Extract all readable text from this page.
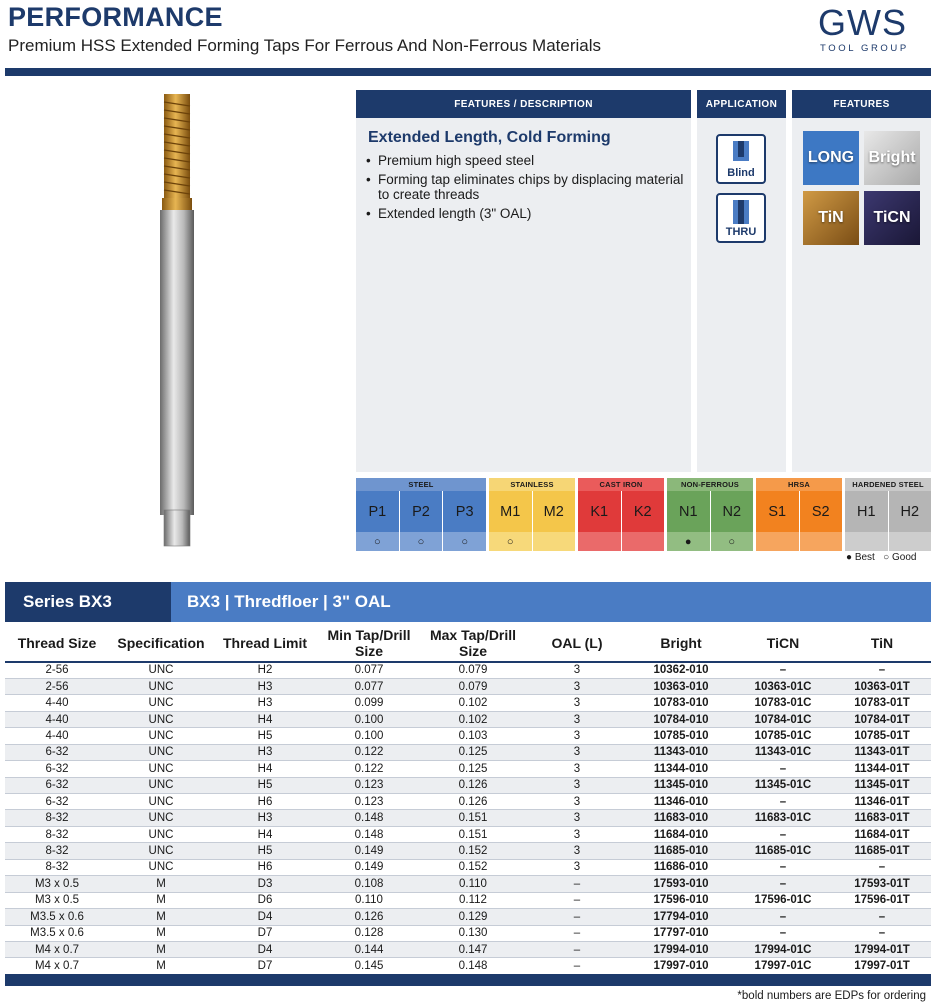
PERFORMANCE
Premium HSS Extended Forming Taps For Ferrous And Non-Ferrous Materials
GWS
TOOL GROUP
FEATURES / DESCRIPTION
Extended Length, Cold Forming
• Premium high speed steel
• Forming tap eliminates chips by displacing material to create threads
• Extended length (3" OAL)
APPLICATION
Blind
THRU
FEATURES
LONG Bright
TiN	TiCN
STEEL
P1
○
P2
○
P3
○
STAINLESS
M1
○
M2
CAST IRON
K1	K2
NON-FERROUS
N1
●
N2
○
HRSA
S1	S2
HARDENED STEEL
H1	H2
● Best ○ Good
Series BX3	BX3 | Thredfloer | 3" OAL
Thread Size	Specification	Thread Limit	Min Tap/Drill Size	Max Tap/Drill Size	OAL (L)	Bright	TiCN	TiN
2-56	UNC	H2	0.077	0.079	3	10362-010	–	–
2-56	UNC	H3	0.077	0.079	3	10363-010	10363-01C	10363-01T
4-40	UNC	H3	0.099	0.102	3	10783-010	10783-01C	10783-01T
4-40	UNC	H4	0.100	0.102	3	10784-010	10784-01C	10784-01T
4-40	UNC	H5	0.100	0.103	3	10785-010	10785-01C	10785-01T
6-32	UNC	H3	0.122	0.125	3	11343-010	11343-01C	11343-01T
6-32	UNC	H4	0.122	0.125	3	11344-010	–	11344-01T
6-32	UNC	H5	0.123	0.126	3	11345-010	11345-01C	11345-01T
6-32	UNC	H6	0.123	0.126	3	11346-010	–	11346-01T
8-32	UNC	H3	0.148	0.151	3	11683-010	11683-01C	11683-01T
8-32	UNC	H4	0.148	0.151	3	11684-010	–	11684-01T
8-32	UNC	H5	0.149	0.152	3	11685-010	11685-01C	11685-01T
8-32	UNC	H6	0.149	0.152	3	11686-010	–	–
M3 x 0.5	M	D3	0.108	0.110	–	17593-010	–	17593-01T
M3 x 0.5	M	D6	0.110	0.112	–	17596-010	17596-01C	17596-01T
M3.5 x 0.6	M	D4	0.126	0.129	–	17794-010	–	–
M3.5 x 0.6	M	D7	0.128	0.130	–	17797-010	–	–
M4 x 0.7	M	D4	0.144	0.147	–	17994-010	17994-01C	17994-01T
M4 x 0.7	M	D7	0.145	0.148	–	17997-010	17997-01C	17997-01T
*bold numbers are EDPs for ordering
